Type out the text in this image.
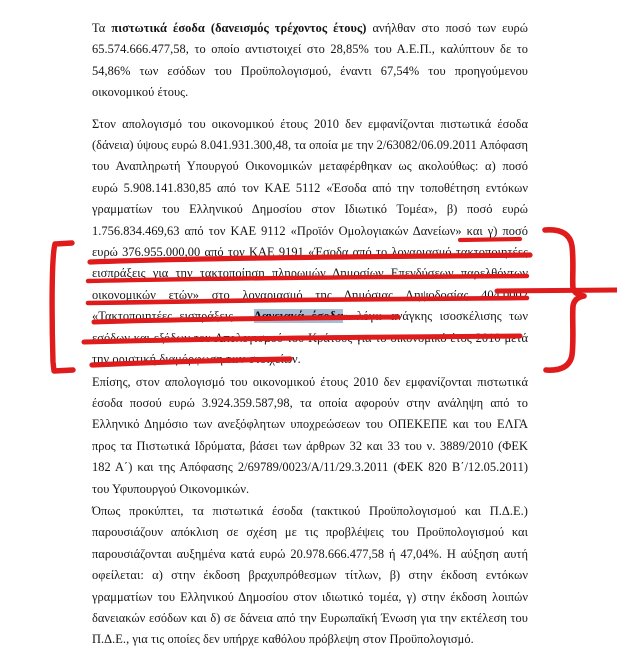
Τα πιστωτικά έσοδα (δανεισμός τρέχοντος έτους) ανήλθαν στο ποσό των ευρώ 65.574.666.477,58, το οποίο αντιστοιχεί στο 28,85% του Α.Ε.Π., καλύπτουν δε το 54,86% των εσόδων του Προϋπολογισμού, έναντι 67,54% του προηγούμενου οικονομικού έτους.

Στον απολογισμό του οικονομικού έτους 2010 δεν εμφανίζονται πιστωτικά έσοδα (δάνεια) ύψους ευρώ 8.041.931.300,48, τα οποία με την 2/63082/06.09.2011 Απόφαση του Αναπληρωτή Υπουργού Οικονομικών μεταφέρθηκαν ως ακολούθως: α) ποσό ευρώ 5.908.141.830,85 από τον ΚΑΕ 5112 «Έσοδα από την τοποθέτηση εντόκων γραμματίων του Ελληνικού Δημοσίου στον Ιδιωτικό Τομέα», β) ποσό ευρώ 1.756.834.469,63 από τον ΚΑΕ 9112 «Προϊόν Ομολογιακών Δανείων» και γ) ποσό ευρώ 376.955.000,00 από τον ΚΑΕ 9191 «Έσοδα από το λογαριασμό τακτοποιητέες εισπράξεις για την τακτοποίηση πληρωμών Δημοσίων Επενδύσεων παρελθόντων οικονομικών ετών» στο λογαριασμό της Δημόσιας Ληψοδοσίας 404.0002 «Τακτοποιητέες εισπράξεις – Δανειακά έσοδα» λόγω ανάγκης ισοσκέλισης των εσόδων και εξόδων του Απολογισμού του Κράτους για το οικονομικό έτος 2010 μετά την οριστική διαμόρφωση των στοιχείων.

Επίσης, στον απολογισμό του οικονομικού έτους 2010 δεν εμφανίζονται πιστωτικά έσοδα ποσού ευρώ 3.924.359.587,98, τα οποία αφορούν στην ανάληψη από το Ελληνικό Δημόσιο των ανεξόφλητων υποχρεώσεων του ΟΠΕΚΕΠΕ και του ΕΛΓΑ προς τα Πιστωτικά Ιδρύματα, βάσει των άρθρων 32 και 33 του ν. 3889/2010 (ΦΕΚ 182 Α΄) και της Απόφασης 2/69789/0023/Α/11/29.3.2011 (ΦΕΚ 820 Β΄/12.05.2011) του Υφυπουργού Οικονομικών.

Όπως προκύπτει, τα πιστωτικά έσοδα (τακτικού Προϋπολογισμού και Π.Δ.Ε.) παρουσιάζουν απόκλιση σε σχέση με τις προβλέψεις του Προϋπολογισμού και παρουσιάζονται αυξημένα κατά ευρώ 20.978.666.477,58 ή 47,04%. Η αύξηση αυτή οφείλεται: α) στην έκδοση βραχυπρόθεσμων τίτλων, β) στην έκδοση εντόκων γραμματίων του Ελληνικού Δημοσίου στον ιδιωτικό τομέα, γ) στην έκδοση λοιπών δανειακών εσόδων και δ) σε δάνεια από την Ευρωπαϊκή Ένωση για την εκτέλεση του Π.Δ.Ε., για τις οποίες δεν υπήρχε καθόλου πρόβλεψη στον Προϋπολογισμό.
